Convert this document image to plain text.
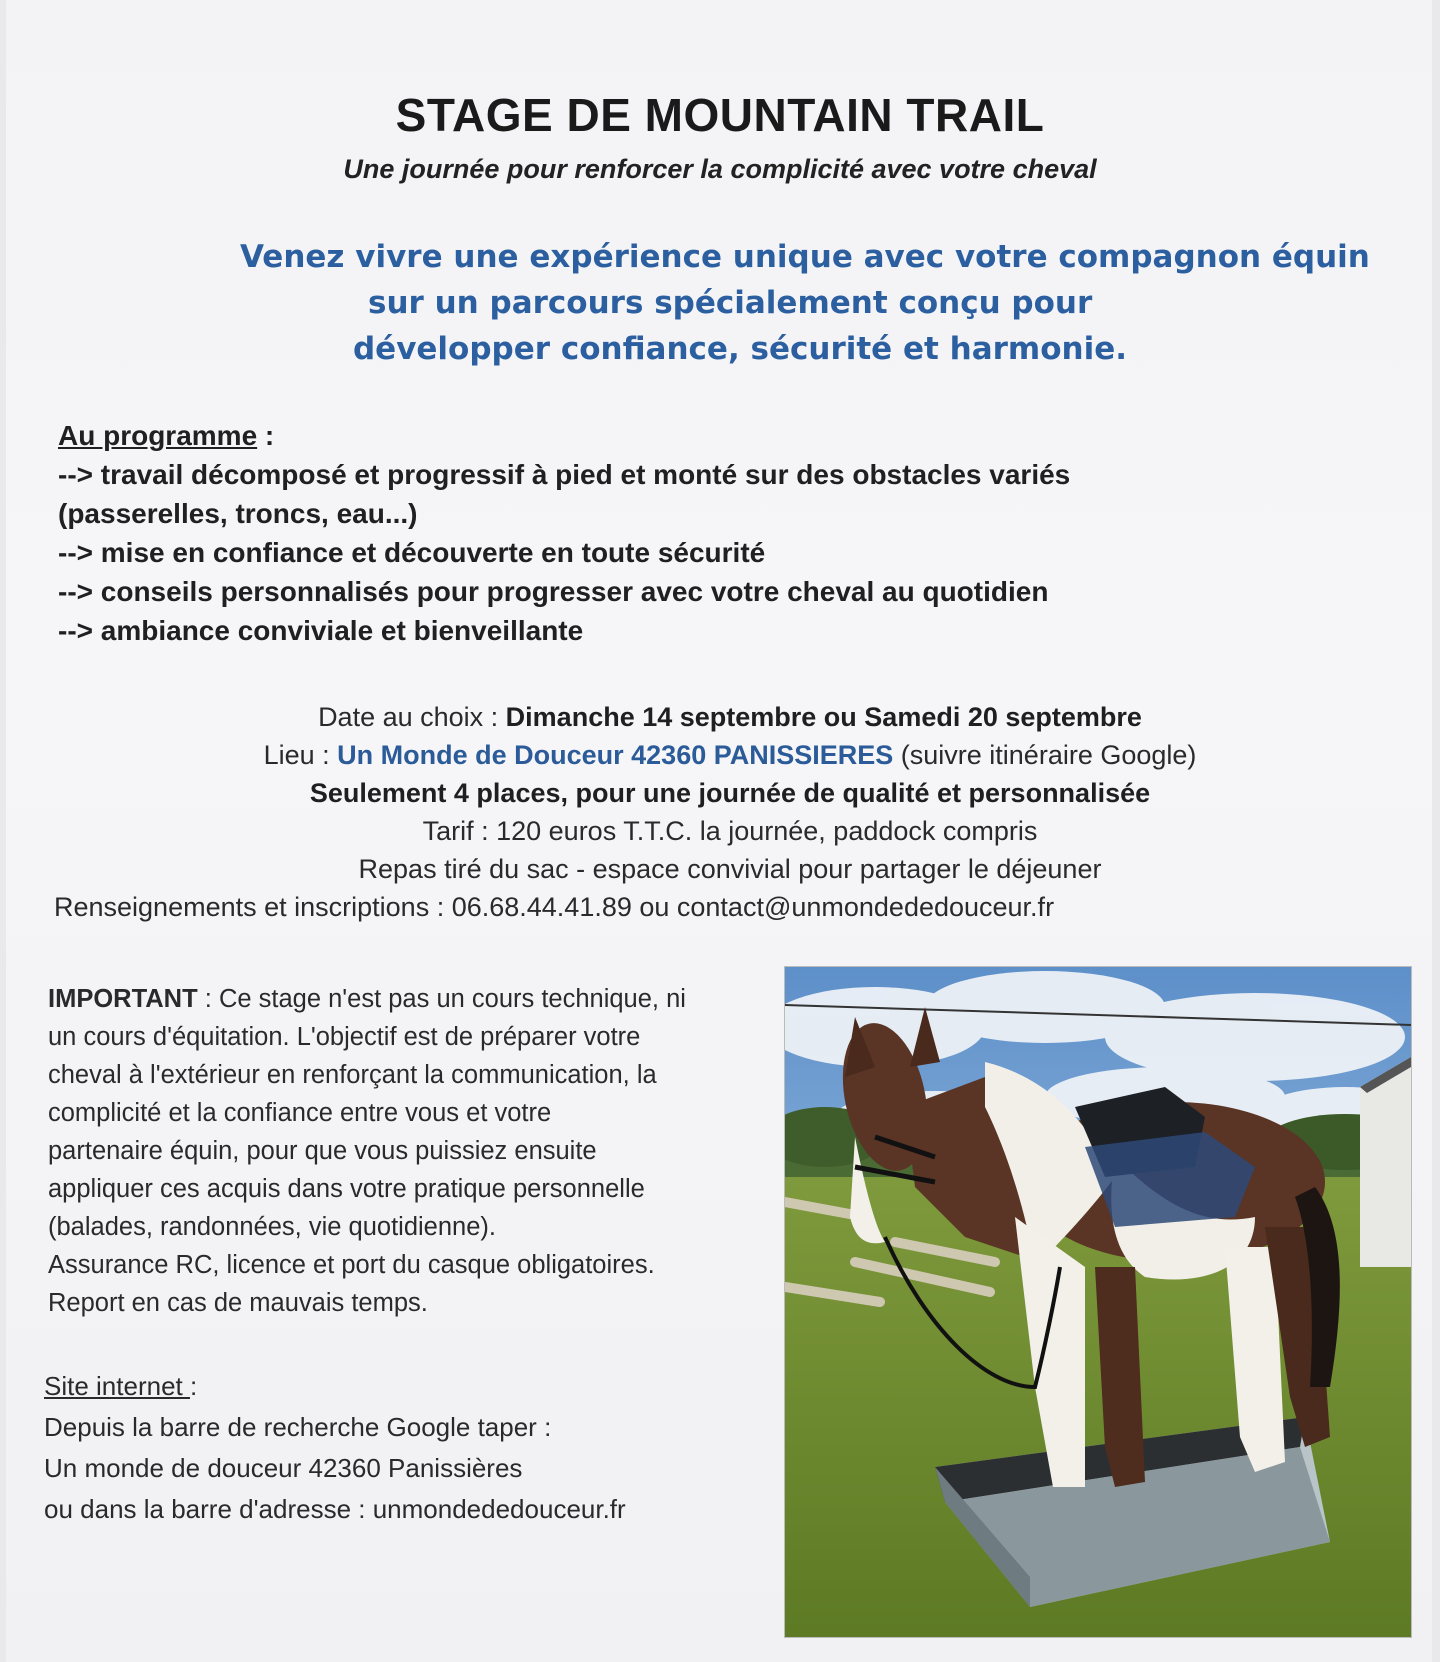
STAGE DE MOUNTAIN TRAIL
Une journée pour renforcer la complicité avec votre cheval
Venez vivre une expérience unique avec votre compagnon équin
sur un parcours spécialement conçu pour
développer confiance, sécurité et harmonie.
Au programme :
--> travail décomposé et progressif à pied et monté sur des obstacles variés
(passerelles, troncs, eau...)
--> mise en confiance et découverte en toute sécurité
--> conseils personnalisés pour progresser avec votre cheval au quotidien
--> ambiance conviviale et bienveillante
Date au choix : Dimanche 14 septembre ou Samedi 20 septembre
Lieu : Un Monde de Douceur 42360 PANISSIERES (suivre itinéraire Google)
Seulement 4 places, pour une journée de qualité et personnalisée
Tarif : 120 euros T.T.C. la journée, paddock compris
Repas tiré du sac - espace convivial pour partager le déjeuner
Renseignements et inscriptions : 06.68.44.41.89 ou contact@unmondededouceur.fr
IMPORTANT : Ce stage n'est pas un cours technique, ni
un cours d'équitation. L'objectif est de préparer votre
cheval à l'extérieur en renforçant la communication, la
complicité et la confiance entre vous et votre
partenaire équin, pour que vous puissiez ensuite
appliquer ces acquis dans votre pratique personnelle
(balades, randonnées, vie quotidienne).
Assurance RC, licence et port du casque obligatoires.
Report en cas de mauvais temps.
Site internet :
Depuis la barre de recherche Google taper :
Un monde de douceur 42360 Panissières
ou dans la barre d'adresse : unmondededouceur.fr
